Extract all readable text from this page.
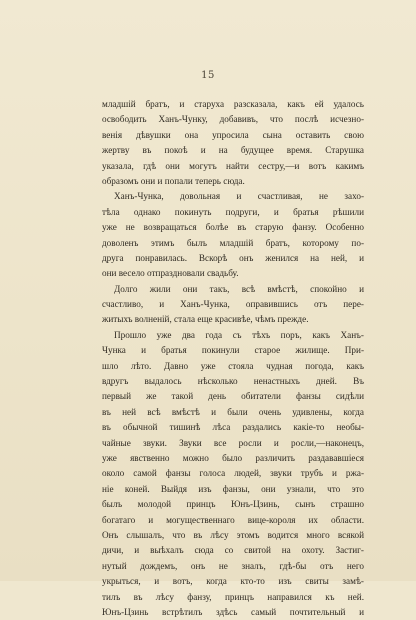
15
младшій братъ, и старуха разсказала, какъ ей удалось
освободить Ханъ-Чунку, добавивъ, что послѣ исчезно-
венія дѣвушки она упросила сына оставить свою
жертву въ покоѣ и на будущее время. Старушка
указала, гдѣ они могутъ найти сестру,—и вотъ какимъ
образомъ они и попали теперь сюда.
Ханъ-Чунка, довольная и счастливая, не захо-
тѣла однако покинуть подруги, и братья рѣшили
уже не возвращаться болѣе въ старую фанзу. Особенно
доволенъ этимъ былъ младшій братъ, которому по-
друга понравилась. Вскорѣ онъ женился на ней, и
они весело отпраздновали свадьбу.
Долго жили они такъ, всѣ вмѣстѣ, спокойно и
счастливо, и Ханъ-Чунка, оправившись отъ пере-
житыхъ волненій, стала еще красивѣе, чѣмъ прежде.
Прошло уже два года съ тѣхъ поръ, какъ Ханъ-
Чунка и братья покинули старое жилище. При-
шло лѣто. Давно уже стояла чудная погода, какъ
вдругъ выдалось нѣсколько ненастныхъ дней. Въ
первый же такой день обитатели фанзы сидѣли
въ ней всѣ вмѣстѣ и были очень удивлены, когда
въ обычной тишинѣ лѣса раздались какіе-то необы-
чайные звуки. Звуки все росли и росли,—наконецъ,
уже явственно можно было различить раздававшіеся
около самой фанзы голоса людей, звуки трубъ и ржа-
ніе коней. Выйдя изъ фанзы, они узнали, что это
былъ молодой принцъ Юнъ-Цзинь, сынъ страшно
богатаго и могущественнаго вице-короля их области.
Онъ слышалъ, что въ лѣсу этомъ водится много всякой
дичи, и выѣхалъ сюда со свитой на охоту. Застиг-
нутый дождемъ, онъ не зналъ, гдѣ-бы отъ него
укрыться, и вотъ, когда кто-то изъ свиты замѣ-
тилъ въ лѣсу фанзу, принцъ направился къ ней.
Юнъ-Цзинь встрѣтилъ здѣсь самый почтительный и
